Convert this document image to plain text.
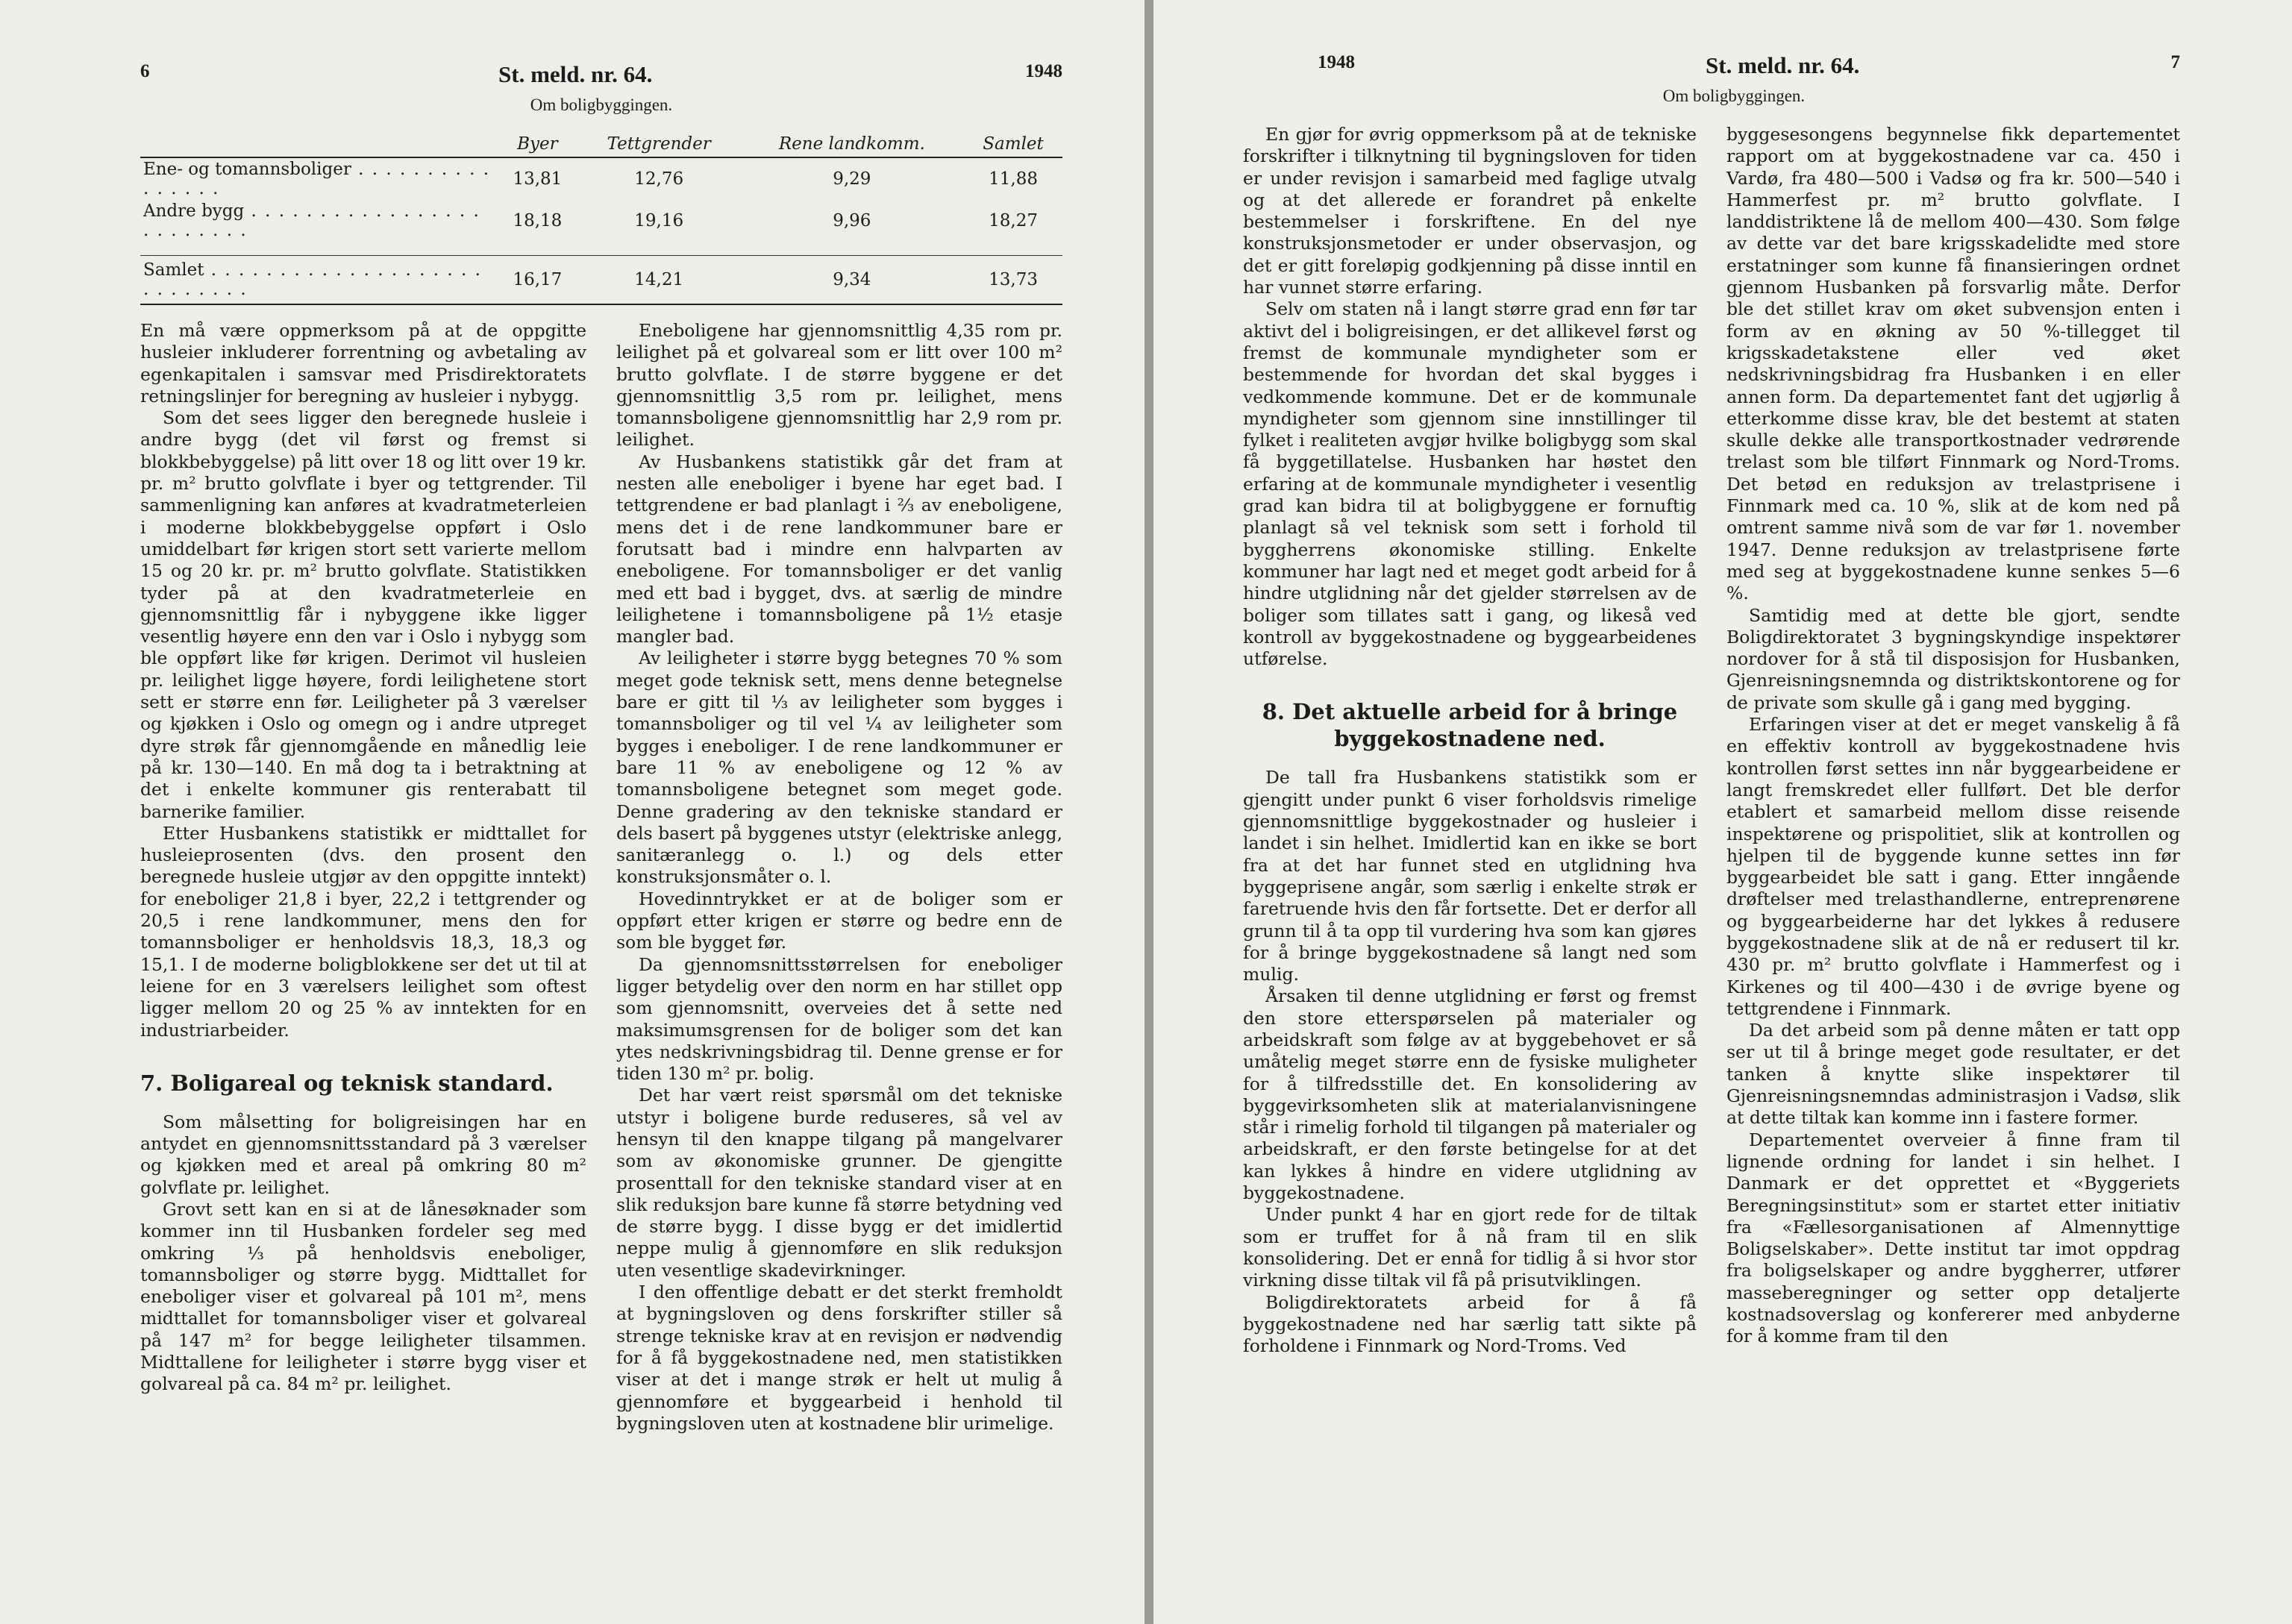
6	St. meld. nr. 64.	1948
Om boligbyggingen.
	Byer	Tettgrender	Rene landkomm.	Samlet
Ene- og tomannsboliger . . . . . . . . . . . . . . . .	13,81	12,76	9,29	11,88
Andre bygg . . . . . . . . . . . . . . . . . . . . . . . . .	18,18	19,16	9,96	18,27

Samlet . . . . . . . . . . . . . . . . . . . . . . . . . . . .	16,17	14,21	9,34	13,73

En må være oppmerksom på at de oppgitte husleier inkluderer forrentning og avbetaling av egenkapitalen i samsvar med Prisdirektoratets retningslinjer for beregning av husleier i nybygg.

Som det sees ligger den beregnede husleie i andre bygg (det vil først og fremst si blokkbebyggelse) på litt over 18 og litt over 19 kr. pr. m² brutto golvflate i byer og tettgrender. Til sammenligning kan anføres at kvadratmeterleien i moderne blokkbebyggelse oppført i Oslo umiddelbart før krigen stort sett varierte mellom 15 og 20 kr. pr. m² brutto golvflate. Statistikken tyder på at den kvadratmeterleie en gjennomsnittlig får i nybyggene ikke ligger vesentlig høyere enn den var i Oslo i nybygg som ble oppført like før krigen. Derimot vil husleien pr. leilighet ligge høyere, fordi leilighetene stort sett er større enn før. Leiligheter på 3 værelser og kjøkken i Oslo og omegn og i andre utpreget dyre strøk får gjennomgående en månedlig leie på kr. 130—140. En må dog ta i betraktning at det i enkelte kommuner gis renterabatt til barnerike familier.

Etter Husbankens statistikk er midttallet for husleieprosenten (dvs. den prosent den beregnede husleie utgjør av den oppgitte inntekt) for eneboliger 21,8 i byer, 22,2 i tettgrender og 20,5 i rene landkommuner, mens den for tomannsboliger er henholdsvis 18,3, 18,3 og 15,1. I de moderne boligblokkene ser det ut til at leiene for en 3 værelsers leilighet som oftest ligger mellom 20 og 25 % av inntekten for en industriarbeider.

7. Boligareal og teknisk standard.

Som målsetting for boligreisingen har en antydet en gjennomsnittsstandard på 3 værelser og kjøkken med et areal på omkring 80 m² golvflate pr. leilighet.

Grovt sett kan en si at de lånesøknader som kommer inn til Husbanken fordeler seg med omkring ⅓ på henholdsvis eneboliger, tomannsboliger og større bygg. Midttallet for eneboliger viser et golvareal på 101 m², mens midttallet for tomannsboliger viser et golvareal på 147 m² for begge leiligheter tilsammen. Midttallene for leiligheter i større bygg viser et golvareal på ca. 84 m² pr. leilighet.

Eneboligene har gjennomsnittlig 4,35 rom pr. leilighet på et golvareal som er litt over 100 m² brutto golvflate. I de større byggene er det gjennomsnittlig 3,5 rom pr. leilighet, mens tomannsboligene gjennomsnittlig har 2,9 rom pr. leilighet.

Av Husbankens statistikk går det fram at nesten alle eneboliger i byene har eget bad. I tettgrendene er bad planlagt i ⅔ av eneboligene, mens det i de rene landkommuner bare er forutsatt bad i mindre enn halvparten av eneboligene. For tomannsboliger er det vanlig med ett bad i bygget, dvs. at særlig de mindre leilighetene i tomannsboligene på 1½ etasje mangler bad.

Av leiligheter i større bygg betegnes 70 % som meget gode teknisk sett, mens denne betegnelse bare er gitt til ⅓ av leiligheter som bygges i tomannsboliger og til vel ¼ av leiligheter som bygges i eneboliger. I de rene landkommuner er bare 11 % av eneboligene og 12 % av tomannsboligene betegnet som meget gode. Denne gradering av den tekniske standard er dels basert på byggenes utstyr (elektriske anlegg, sanitæranlegg o. l.) og dels etter konstruksjonsmåter o. l.

Hovedinntrykket er at de boliger som er oppført etter krigen er større og bedre enn de som ble bygget før.

Da gjennomsnittsstørrelsen for eneboliger ligger betydelig over den norm en har stillet opp som gjennomsnitt, overveies det å sette ned maksimumsgrensen for de boliger som det kan ytes nedskrivningsbidrag til. Denne grense er for tiden 130 m² pr. bolig.

Det har vært reist spørsmål om det tekniske utstyr i boligene burde reduseres, så vel av hensyn til den knappe tilgang på mangelvarer som av økonomiske grunner. De gjengitte prosenttall for den tekniske standard viser at en slik reduksjon bare kunne få større betydning ved de større bygg. I disse bygg er det imidlertid neppe mulig å gjennomføre en slik reduksjon uten vesentlige skadevirkninger.

I den offentlige debatt er det sterkt fremholdt at bygningsloven og dens forskrifter stiller så strenge tekniske krav at en revisjon er nødvendig for å få byggekostnadene ned, men statistikken viser at det i mange strøk er helt ut mulig å gjennomføre et byggearbeid i henhold til bygningsloven uten at kostnadene blir urimelige.

1948	St. meld. nr. 64.	7
Om boligbyggingen.

En gjør for øvrig oppmerksom på at de tekniske forskrifter i tilknytning til bygningsloven for tiden er under revisjon i samarbeid med faglige utvalg og at det allerede er forandret på enkelte bestemmelser i forskriftene. En del nye konstruksjonsmetoder er under observasjon, og det er gitt foreløpig godkjenning på disse inntil en har vunnet større erfaring.

Selv om staten nå i langt større grad enn før tar aktivt del i boligreisingen, er det allikevel først og fremst de kommunale myndigheter som er bestemmende for hvordan det skal bygges i vedkommende kommune. Det er de kommunale myndigheter som gjennom sine innstillinger til fylket i realiteten avgjør hvilke boligbygg som skal få byggetillatelse. Husbanken har høstet den erfaring at de kommunale myndigheter i vesentlig grad kan bidra til at boligbyggene er fornuftig planlagt så vel teknisk som sett i forhold til byggherrens økonomiske stilling. Enkelte kommuner har lagt ned et meget godt arbeid for å hindre utglidning når det gjelder størrelsen av de boliger som tillates satt i gang, og likeså ved kontroll av byggekostnadene og byggearbeidenes utførelse.

8. Det aktuelle arbeid for å bringe byggekostnadene ned.

De tall fra Husbankens statistikk som er gjengitt under punkt 6 viser forholdsvis rimelige gjennomsnittlige byggekostnader og husleier i landet i sin helhet. Imidlertid kan en ikke se bort fra at det har funnet sted en utglidning hva byggeprisene angår, som særlig i enkelte strøk er faretruende hvis den får fortsette. Det er derfor all grunn til å ta opp til vurdering hva som kan gjøres for å bringe byggekostnadene så langt ned som mulig.

Årsaken til denne utglidning er først og fremst den store etterspørselen på materialer og arbeidskraft som følge av at byggebehovet er så umåtelig meget større enn de fysiske muligheter for å tilfredsstille det. En konsolidering av byggevirksomheten slik at materialanvisningene står i rimelig forhold til tilgangen på materialer og arbeidskraft, er den første betingelse for at det kan lykkes å hindre en videre utglidning av byggekostnadene.

Under punkt 4 har en gjort rede for de tiltak som er truffet for å nå fram til en slik konsolidering. Det er ennå for tidlig å si hvor stor virkning disse tiltak vil få på prisutviklingen.

Boligdirektoratets arbeid for å få byggekostnadene ned har særlig tatt sikte på forholdene i Finnmark og Nord-Troms. Ved

byggesesongens begynnelse fikk departementet rapport om at byggekostnadene var ca. 450 i Vardø, fra 480—500 i Vadsø og fra kr. 500—540 i Hammerfest pr. m² brutto golvflate. I landdistriktene lå de mellom 400—430. Som følge av dette var det bare krigsskadelidte med store erstatninger som kunne få finansieringen ordnet gjennom Husbanken på forsvarlig måte. Derfor ble det stillet krav om øket subvensjon enten i form av en økning av 50 %-tillegget til krigsskadetakstene eller ved øket nedskrivningsbidrag fra Husbanken i en eller annen form. Da departementet fant det ugjørlig å etterkomme disse krav, ble det bestemt at staten skulle dekke alle transportkostnader vedrørende trelast som ble tilført Finnmark og Nord-Troms. Det betød en reduksjon av trelastprisene i Finnmark med ca. 10 %, slik at de kom ned på omtrent samme nivå som de var før 1. november 1947. Denne reduksjon av trelastprisene førte med seg at byggekostnadene kunne senkes 5—6 %.

Samtidig med at dette ble gjort, sendte Boligdirektoratet 3 bygningskyndige inspektører nordover for å stå til disposisjon for Husbanken, Gjenreisningsnemnda og distriktskontorene og for de private som skulle gå i gang med bygging.

Erfaringen viser at det er meget vanskelig å få en effektiv kontroll av byggekostnadene hvis kontrollen først settes inn når byggearbeidene er langt fremskredet eller fullført. Det ble derfor etablert et samarbeid mellom disse reisende inspektørene og prispolitiet, slik at kontrollen og hjelpen til de byggende kunne settes inn før byggearbeidet ble satt i gang. Etter inngående drøftelser med trelasthandlerne, entreprenørene og byggearbeiderne har det lykkes å redusere byggekostnadene slik at de nå er redusert til kr. 430 pr. m² brutto golvflate i Hammerfest og i Kirkenes og til 400—430 i de øvrige byene og tettgrendene i Finnmark.

Da det arbeid som på denne måten er tatt opp ser ut til å bringe meget gode resultater, er det tanken å knytte slike inspektører til Gjenreisningsnemndas administrasjon i Vadsø, slik at dette tiltak kan komme inn i fastere former.

Departementet overveier å finne fram til lignende ordning for landet i sin helhet. I Danmark er det opprettet et «Byggeriets Beregningsinstitut» som er startet etter initiativ fra «Fællesorganisationen af Almennyttige Boligselskaber». Dette institut tar imot oppdrag fra boligselskaper og andre byggherrer, utfører masseberegninger og setter opp detaljerte kostnadsoverslag og konfererer med anbyderne for å komme fram til den
